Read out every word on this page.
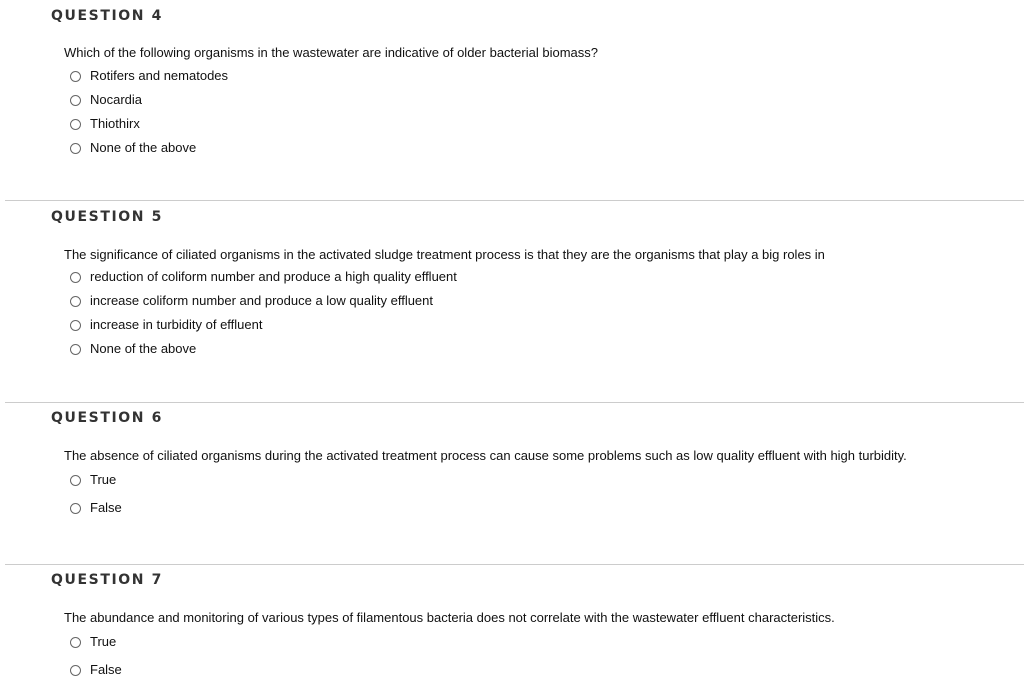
QUESTION 4
Which of the following organisms in the wastewater are indicative of older bacterial biomass?
Rotifers and nematodes
Nocardia
Thiothirx
None of the above
QUESTION 5
The significance of ciliated organisms in the activated sludge treatment process is that they are the organisms that play a big roles in
reduction of coliform number and produce a high quality effluent
increase coliform number and produce a low quality effluent
increase in turbidity of effluent
None of the above
QUESTION 6
The absence of ciliated organisms during the activated treatment process can cause some problems such as low quality effluent with high turbidity.
True
False
QUESTION 7
The abundance and monitoring of various types of filamentous bacteria does not correlate with the wastewater effluent characteristics.
True
False
